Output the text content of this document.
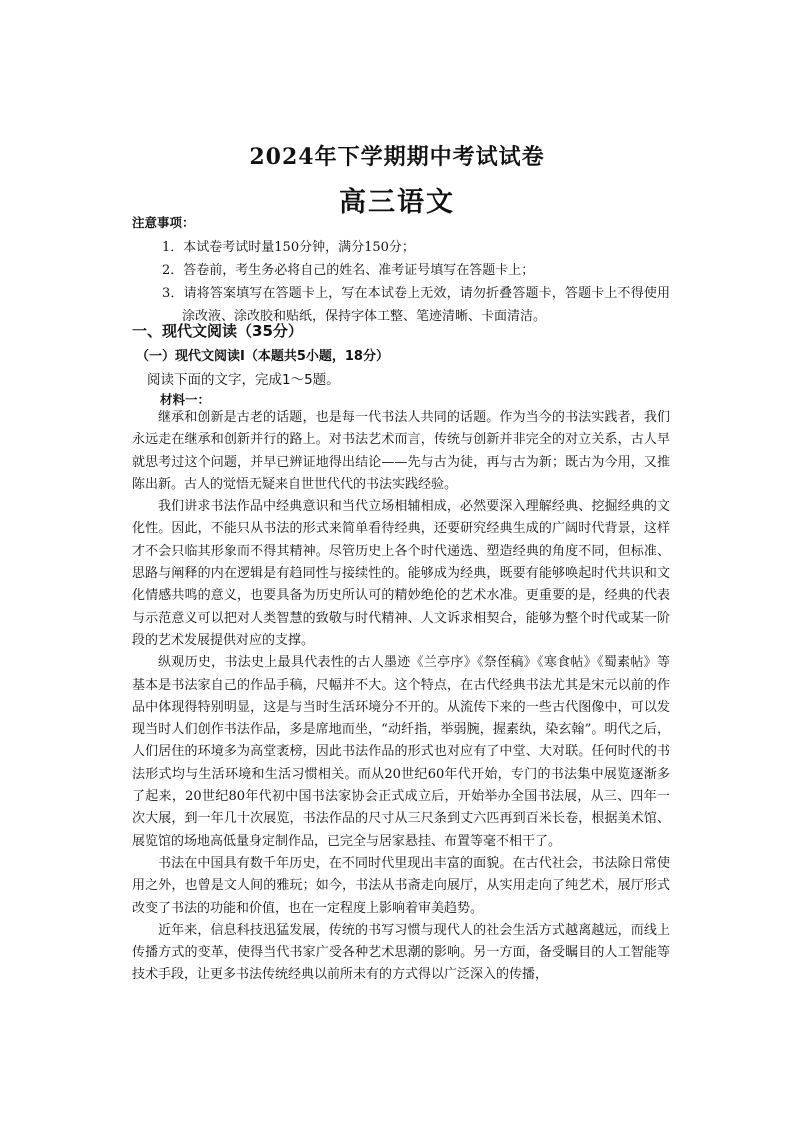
2024年下学期期中考试试卷
高三语文
注意事项：
1．本试卷考试时量150分钟，满分150分；
2．答卷前，考生务必将自己的姓名、准考证号填写在答题卡上；
3．请将答案填写在答题卡上，写在本试卷上无效，请勿折叠答题卡，答题卡上不得使用涂改液、涂改胶和贴纸，保持字体工整、笔迹清晰、卡面清洁。
一、现代文阅读（35分）
（一）现代文阅读Ⅰ（本题共5小题，18分）
阅读下面的文字，完成1～5题。
材料一：

继承和创新是古老的话题，也是每一代书法人共同的话题。作为当今的书法实践者，我们永远走在继承和创新并行的路上。对书法艺术而言，传统与创新并非完全的对立关系，古人早就思考过这个问题，并早已辨证地得出结论——先与古为徒，再与古为新；既古为今用，又推陈出新。古人的觉悟无疑来自世世代代的书法实践经验。

我们讲求书法作品中经典意识和当代立场相辅相成，必然要深入理解经典、挖掘经典的文化性。因此，不能只从书法的形式来简单看待经典，还要研究经典生成的广阔时代背景，这样才不会只临其形象而不得其精神。尽管历史上各个时代递选、塑造经典的角度不同，但标准、思路与阐释的内在逻辑是有趋同性与接续性的。能够成为经典，既要有能够唤起时代共识和文化情感共鸣的意义，也要具备为历史所认可的精妙绝伦的艺术水准。更重要的是，经典的代表与示范意义可以把对人类智慧的致敬与时代精神、人文诉求相契合，能够为整个时代或某一阶段的艺术发展提供对应的支撑。

纵观历史，书法史上最具代表性的古人墨迹《兰亭序》《祭侄稿》《寒食帖》《蜀素帖》等基本是书法家自己的作品手稿，尺幅并不大。这个特点，在古代经典书法尤其是宋元以前的作品中体现得特别明显，这是与当时生活环境分不开的。从流传下来的一些古代图像中，可以发现当时人们创作书法作品，多是席地而坐，“动纤指，举弱腕，握素纨，染玄翰”。明代之后，人们居住的环境多为高堂袤榜，因此书法作品的形式也对应有了中堂、大对联。任何时代的书法形式均与生活环境和生活习惯相关。而从20世纪60年代开始，专门的书法集中展览逐渐多了起来，20世纪80年代初中国书法家协会正式成立后，开始举办全国书法展，从三、四年一次大展，到一年几十次展览，书法作品的尺寸从三尺条到丈六匹再到百米长卷，根据美术馆、展览馆的场地高低量身定制作品，已完全与居家悬挂、布置等毫不相干了。

书法在中国具有数千年历史，在不同时代里现出丰富的面貌。在古代社会，书法除日常使用之外，也曾是文人间的雅玩；如今，书法从书斋走向展厅，从实用走向了纯艺术，展厅形式改变了书法的功能和价值，也在一定程度上影响着审美趋势。

近年来，信息科技迅猛发展，传统的书写习惯与现代人的社会生活方式越离越远，而线上传播方式的变革，使得当代书家广受各种艺术思潮的影响。另一方面，备受瞩目的人工智能等技术手段，让更多书法传统经典以前所未有的方式得以广泛深入的传播，
